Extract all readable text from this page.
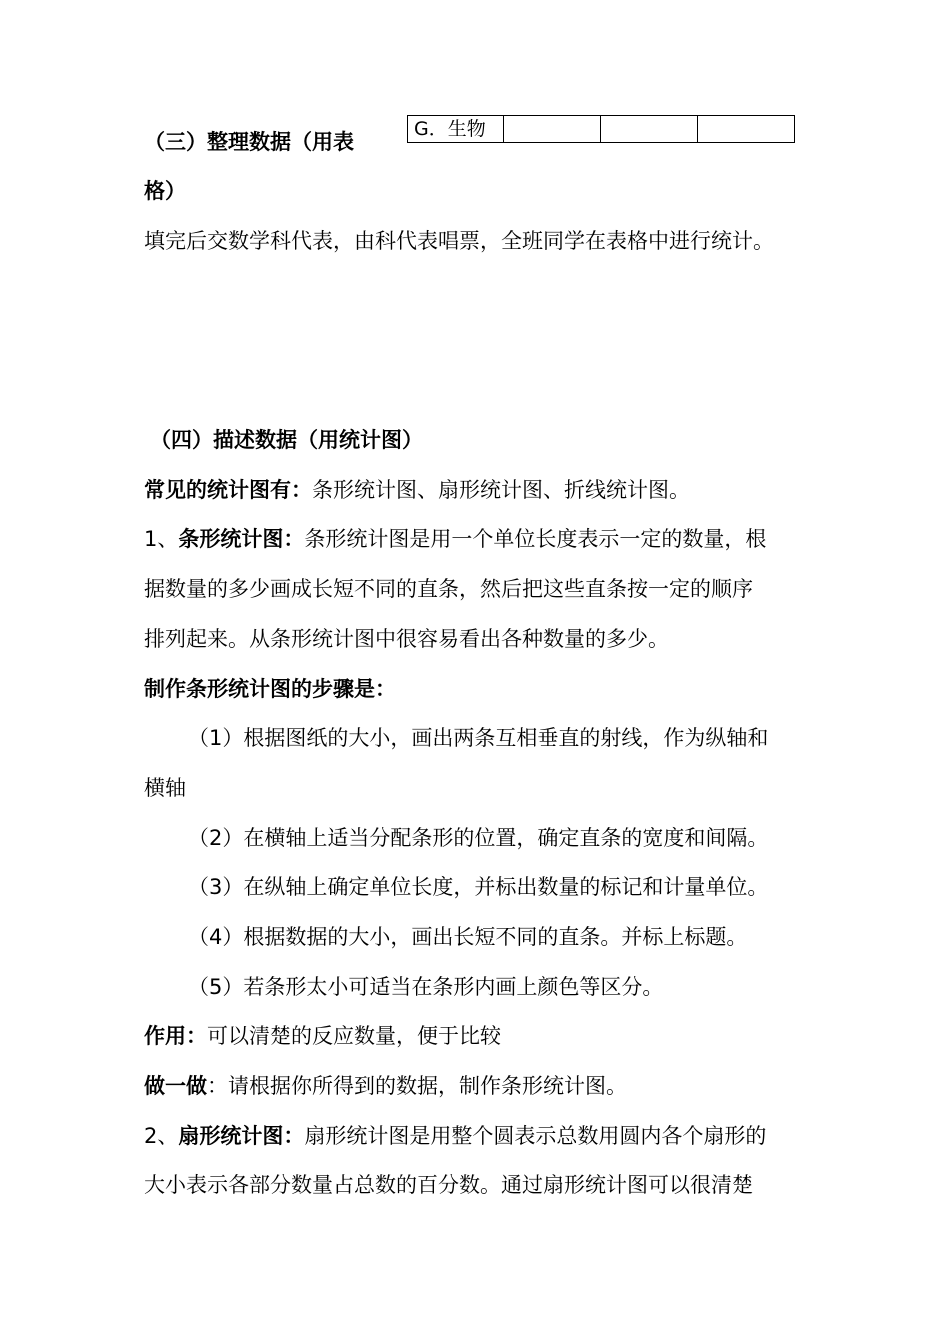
G．生物			
（三）整理数据（用表
格）
填完后交数学科代表，由科代表唱票，全班同学在表格中进行统计。
（四）描述数据（用统计图）
常见的统计图有：条形统计图、扇形统计图、折线统计图。
1、条形统计图：条形统计图是用一个单位长度表示一定的数量，根
据数量的多少画成长短不同的直条，然后把这些直条按一定的顺序
排列起来。从条形统计图中很容易看出各种数量的多少。
制作条形统计图的步骤是：
（1）根据图纸的大小，画出两条互相垂直的射线，作为纵轴和
横轴
（2）在横轴上适当分配条形的位置，确定直条的宽度和间隔。
（3）在纵轴上确定单位长度，并标出数量的标记和计量单位。
（4）根据数据的大小，画出长短不同的直条。并标上标题。
（5）若条形太小可适当在条形内画上颜色等区分。
作用：可以清楚的反应数量，便于比较
做一做：请根据你所得到的数据，制作条形统计图。
2、扇形统计图：扇形统计图是用整个圆表示总数用圆内各个扇形的
大小表示各部分数量占总数的百分数。通过扇形统计图可以很清楚
